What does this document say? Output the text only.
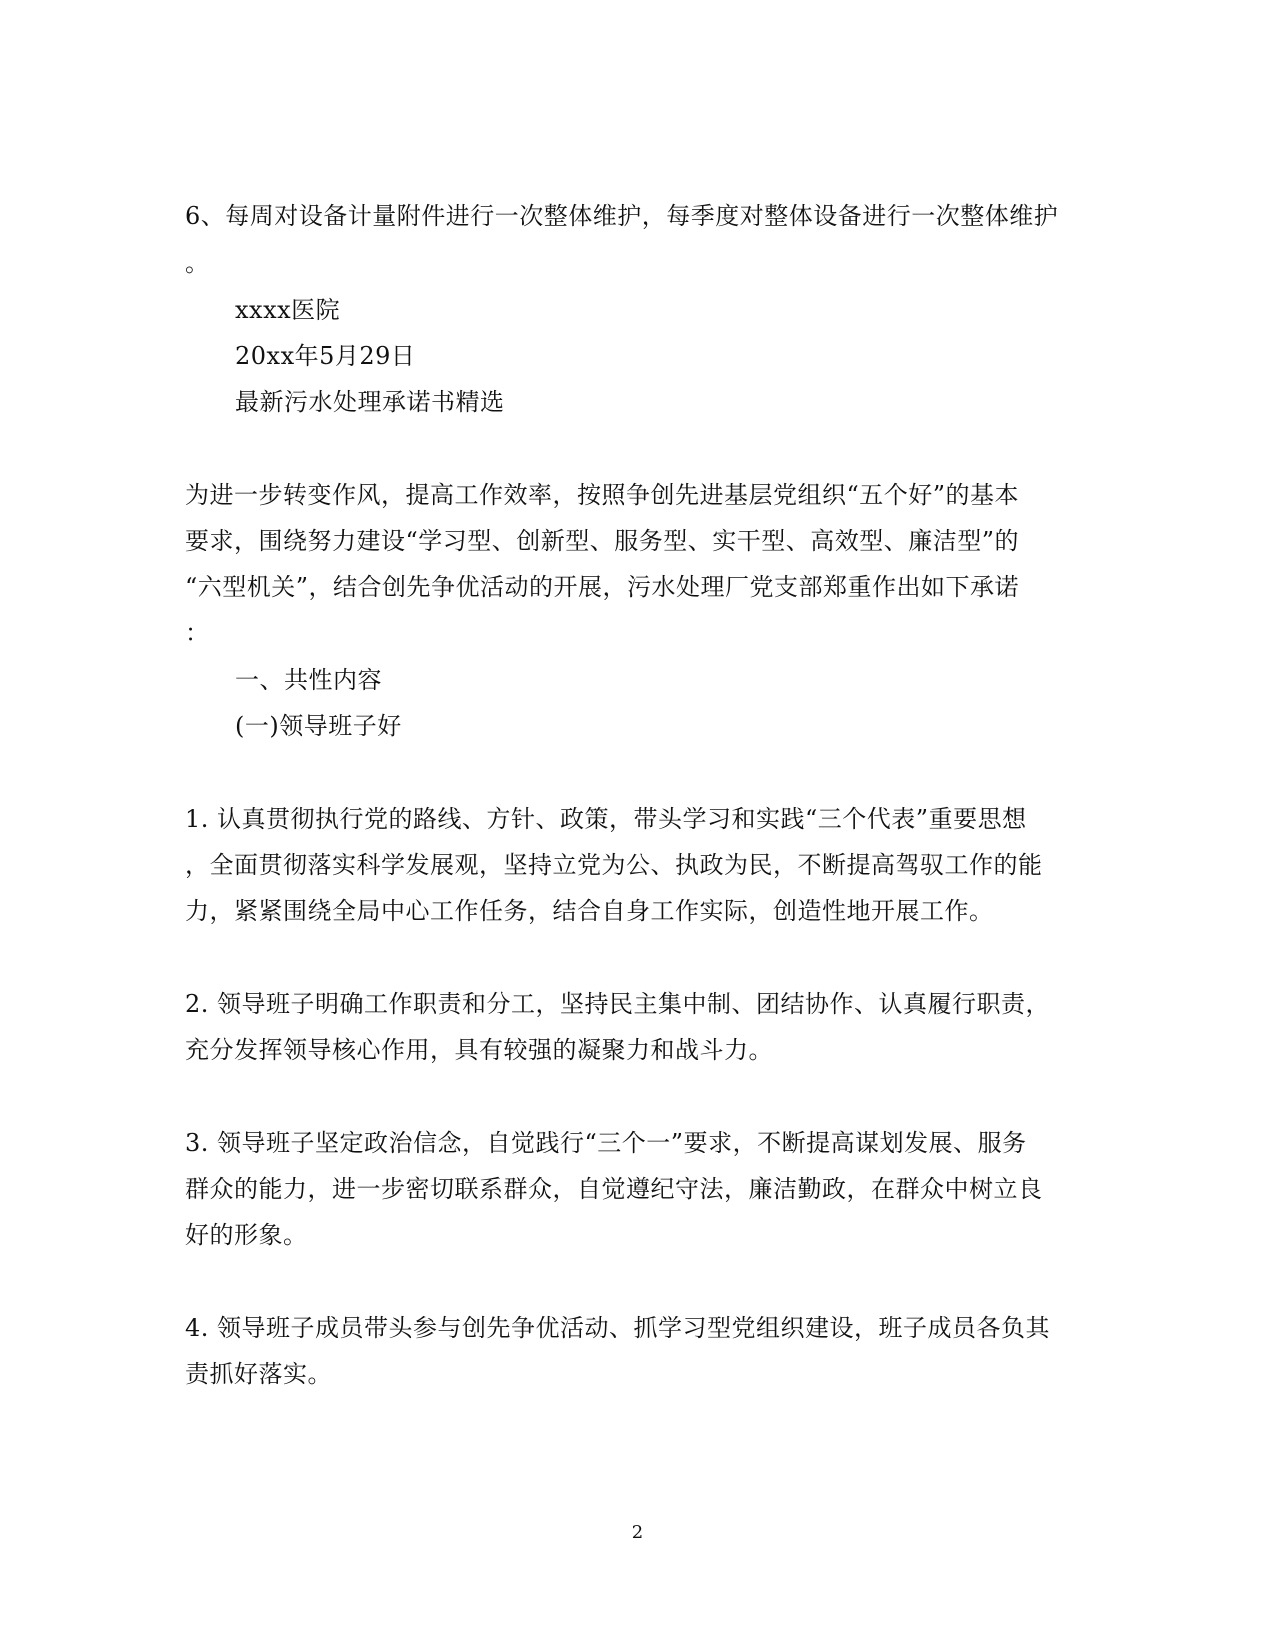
6、每周对设备计量附件进行一次整体维护，每季度对整体设备进行一次整体维护
。
xxxx医院
20xx年5月29日
最新污水处理承诺书精选
为进一步转变作风，提高工作效率，按照争创先进基层党组织“五个好”的基本
要求，围绕努力建设“学习型、创新型、服务型、实干型、高效型、廉洁型”的
“六型机关”，结合创先争优活动的开展，污水处理厂党支部郑重作出如下承诺
：
一、共性内容
(一)领导班子好
1. 认真贯彻执行党的路线、方针、政策，带头学习和实践“三个代表”重要思想
，全面贯彻落实科学发展观，坚持立党为公、执政为民，不断提高驾驭工作的能
力，紧紧围绕全局中心工作任务，结合自身工作实际，创造性地开展工作。
2. 领导班子明确工作职责和分工，坚持民主集中制、团结协作、认真履行职责，
充分发挥领导核心作用，具有较强的凝聚力和战斗力。
3. 领导班子坚定政治信念，自觉践行“三个一”要求，不断提高谋划发展、服务
群众的能力，进一步密切联系群众，自觉遵纪守法，廉洁勤政，在群众中树立良
好的形象。
4. 领导班子成员带头参与创先争优活动、抓学习型党组织建设，班子成员各负其
责抓好落实。
2
